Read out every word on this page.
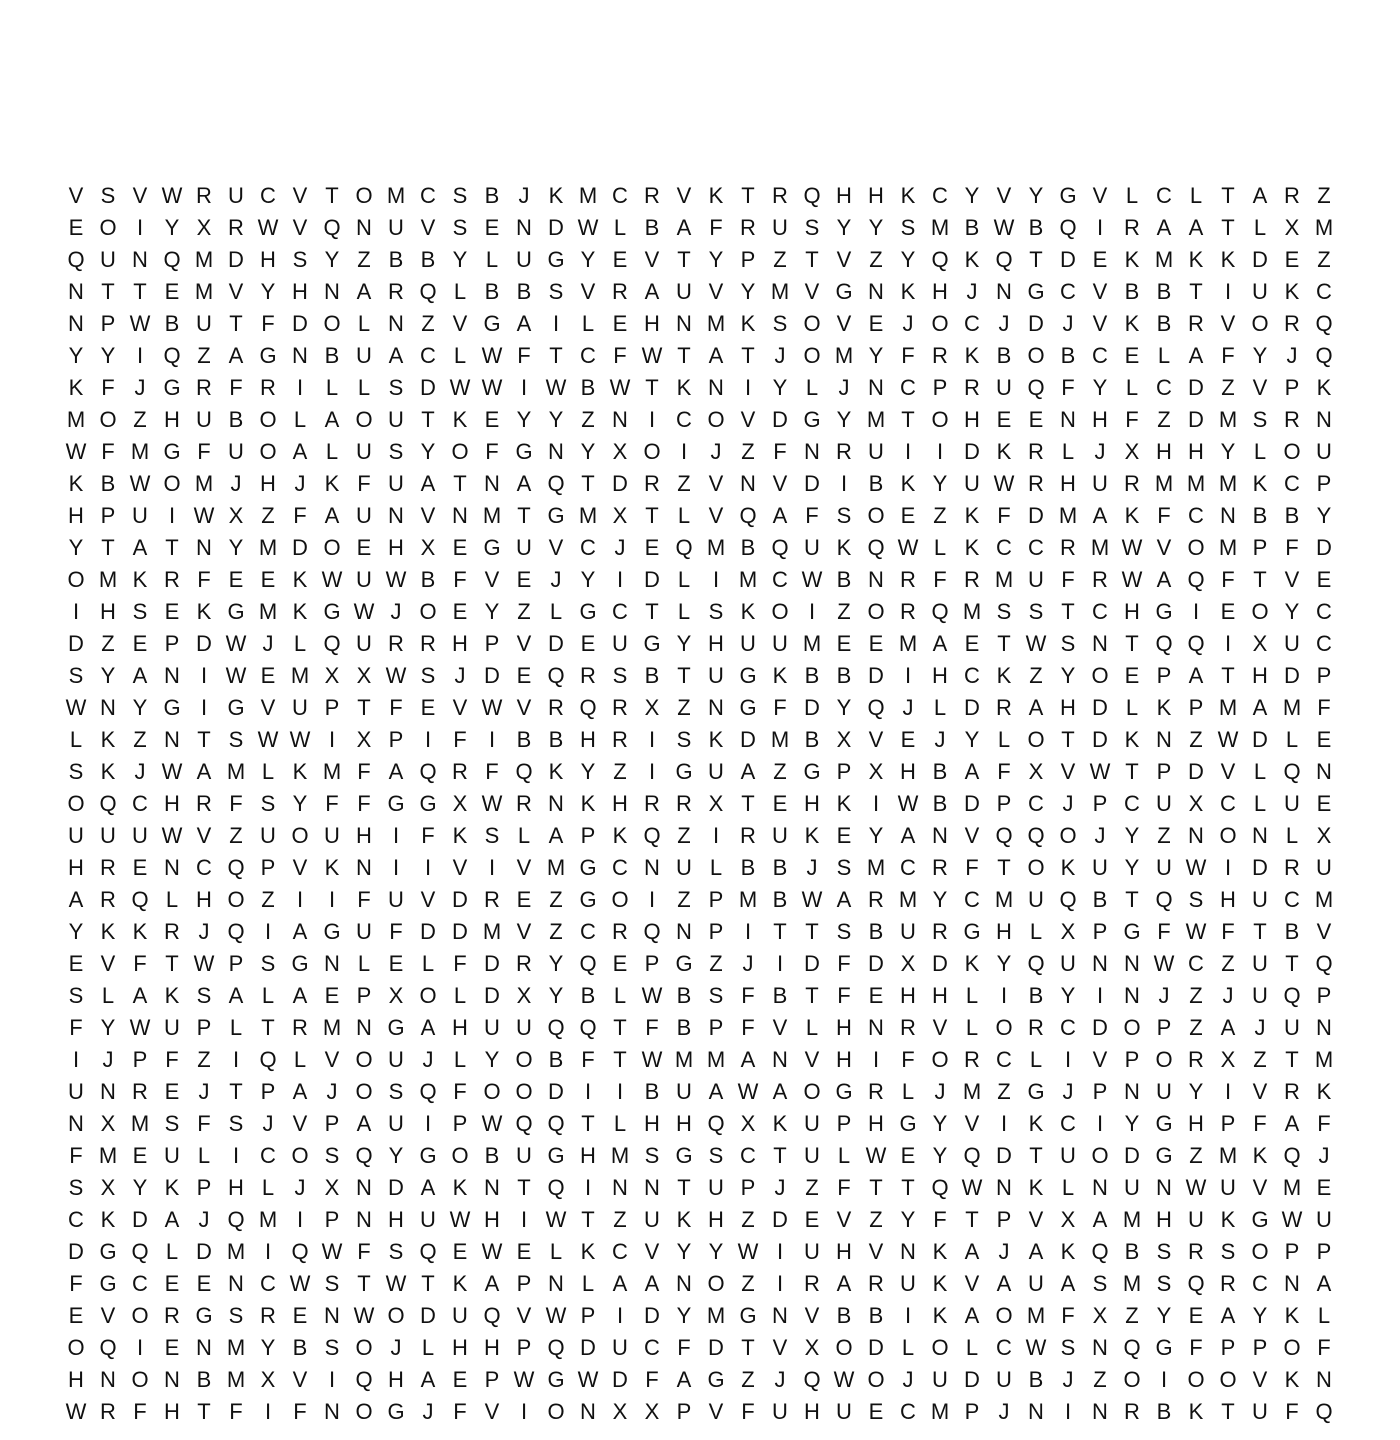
V S V W R U C V T O M C S B J K M C R V K T R Q H H K C Y V Y G V L C L T A R Z
E O I Y X R W V Q N U V S E N D W L B A F R U S Y Y S M B W B Q I R A A T L X M
Q U N Q M D H S Y Z B B Y L U G Y E V T Y P Z T V Z Y Q K Q T D E K M K K D E Z
N T T E M V Y H N A R Q L B B S V R A U V Y M V G N K H J N G C V B B T	I U K C
N P W B U T F D O L N Z V G A I	L E H N M K S O V E J O C J D J V K B R V O R Q
Y Y I Q Z A G N B U A C L W F T C F W T A T J O M Y F R K B O B C E L A F Y J Q
K F J G R F R I	L L S D W W I W B W T K N I Y L J N C P R U Q F Y L C D Z V P K
M O Z H U B O L A O U T K E Y Y Z N I C O V D G Y M T O H E E N H F Z D M S R N
W F M G F U O A L U S Y O F G N Y X O I	J Z F N R U I	I D K R L J X H H Y L O U
K B W O M J H J K F U A T N A Q T D R Z V N V D I B K Y U W R H U R M M M K C P
H P U I W X Z F A U N V N M T G M X T L V Q A F S O E Z K F D M A K F C N B B Y
Y T A T N Y M D O E H X E G U V C J E Q M B Q U K Q W L K C C R M W V O M P F D
O M K R F E E K W U W B F V E J Y I D L	I M C W B N R F R M U F R W A Q F T V E
I H S E K G M K G W J O E Y Z L G C T L S K O I	Z O R Q M S S T C H G I E O Y C
D Z E P D W J L Q U R R H P V D E U G Y H U U M E E M A E T W S N T Q Q I X U C
S Y A N I W E M X X W S J D E Q R S B T U G K B B D I H C K Z Y O E P A T H D P
W N Y G I G V U P T F E V W V R Q R X Z N G F D Y Q J L D R A H D L K P M A M F
L K Z N T S W W I X P I	F	I B B H R I S K D M B X V E J Y L O T D K N Z W D L E
S K J W A M L K M F A Q R F Q K Y Z	I G U A Z G P X H B A F X V W T P D V L Q N
O Q C H R F S Y F F G G X W R N K H R R X T E H K I W B D P C J P C U X C L U E
U U U W V Z U O U H I	F K S L A P K Q Z	I R U K E Y A N V Q Q O J Y Z N O N L X
H R E N C Q P V K N I	I V I V M G C N U L B B J S M C R F T O K U Y U W I D R U
A R Q L H O Z	I	I	F U V D R E Z G O I	Z P M B W A R M Y C M U Q B T Q S H U C M
Y K K R J Q I A G U F D D M V Z C R Q N P I	T T S B U R G H L X P G F W F T B V
E V F T W P S G N L E L F D R Y Q E P G Z J	I D F D X D K Y Q U N N W C Z U T Q
S L A K S A L A E P X O L D X Y B L W B S F B T F E H H L	I B Y I N J Z J U Q P
F Y W U P L T R M N G A H U U Q Q T F B P F V L H N R V L O R C D O P Z A J U N
I	J P F Z	I Q L V O U J L Y O B F T W M M A N V H I	F O R C L	I V P O R X Z T M
U N R E J T P A J O S Q F O O D I	I B U A W A O G R L J M Z G J P N U Y I V R K
N X M S F S J V P A U I P W Q Q T L H H Q X K U P H G Y V I K C I Y G H P F A F
F M E U L	I C O S Q Y G O B U G H M S G S C T U L W E Y Q D T U O D G Z M K Q J
S X Y K P H L J X N D A K N T Q I N N T U P J Z F T T Q W N K L N U N W U V M E
C K D A J Q M I P N H U W H I W T Z U K H Z D E V Z Y F T P V X A M H U K G W U
D G Q L D M I Q W F S Q E W E L K C V Y Y W I U H V N K A J A K Q B S R S O P P
F G C E E N C W S T W T K A P N L A A N O Z	I R A R U K V A U A S M S Q R C N A
E V O R G S R E N W O D U Q V W P I D Y M G N V B B I K A O M F X Z Y E A Y K L
O Q I E N M Y B S O J L H H P Q D U C F D T V X O D L O L C W S N Q G F P P O F
H N O N B M X V I Q H A E P W G W D F A G Z J Q W O J U D U B J Z O I O O V K N
W R F H T F	I	F N O G J F V I O N X X P V F U H U E C M P J N I N R B K T U F Q
